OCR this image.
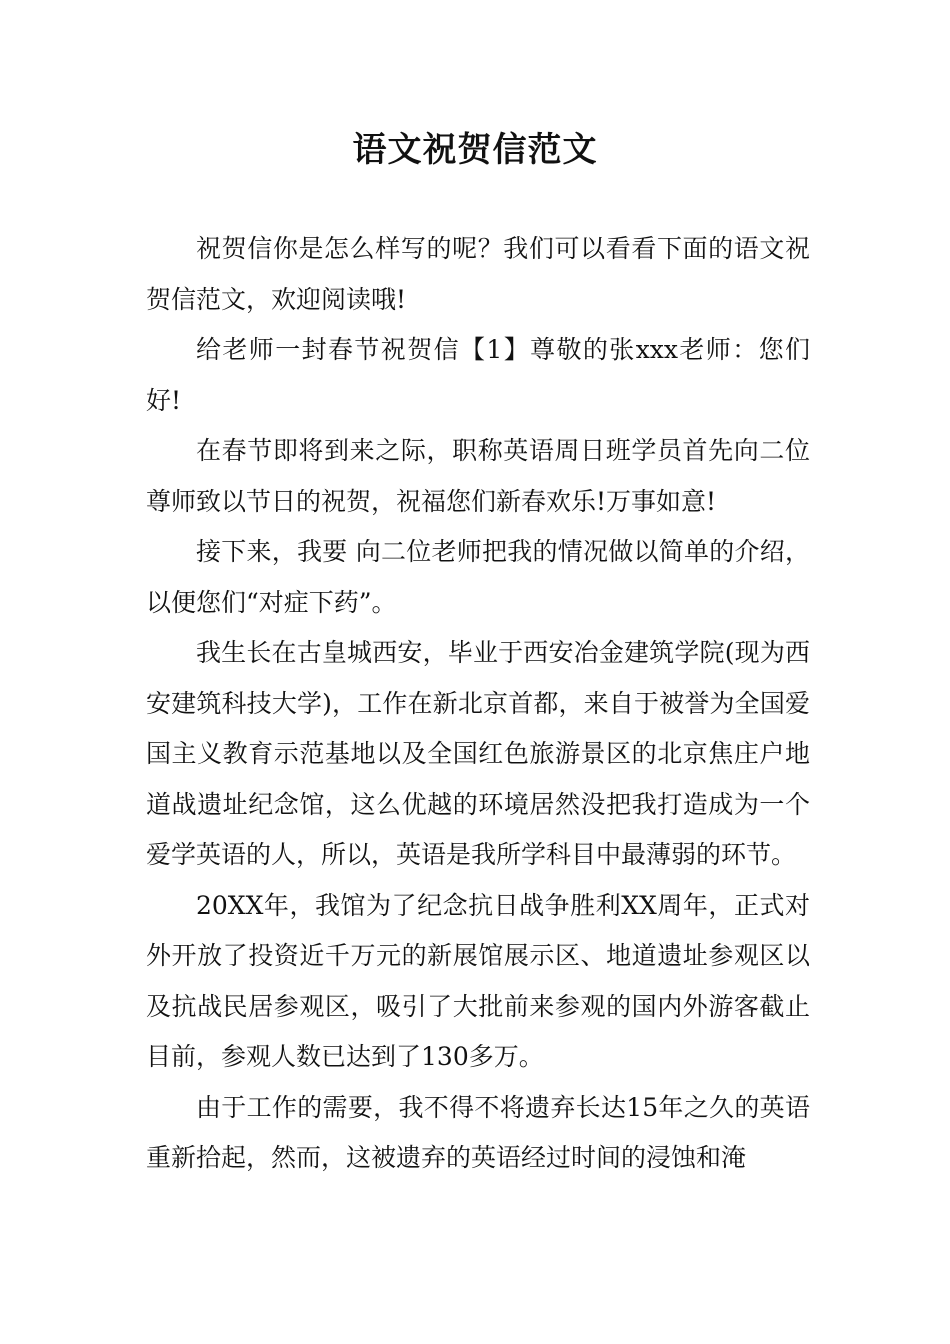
语文祝贺信范文

祝贺信你是怎么样写的呢？我们可以看看下面的语文祝贺信范文，欢迎阅读哦!

给老师一封春节祝贺信【1】尊敬的张xxx老师：您们好!

在春节即将到来之际，职称英语周日班学员首先向二位尊师致以节日的祝贺，祝福您们新春欢乐!万事如意!

接下来，我要 向二位老师把我的情况做以简单的介绍，以便您们“对症下药”。

我生长在古皇城西安，毕业于西安冶金建筑学院(现为西安建筑科技大学)，工作在新北京首都，来自于被誉为全国爱国主义教育示范基地以及全国红色旅游景区的北京焦庄户地道战遗址纪念馆，这么优越的环境居然没把我打造成为一个爱学英语的人，所以，英语是我所学科目中最薄弱的环节。

20XX年，我馆为了纪念抗日战争胜利XX周年，正式对外开放了投资近千万元的新展馆展示区、地道遗址参观区以及抗战民居参观区，吸引了大批前来参观的国内外游客截止目前，参观人数已达到了130多万。

由于工作的需要，我不得不将遗弃长达15年之久的英语重新拾起，然而，这被遗弃的英语经过时间的浸蚀和淹
